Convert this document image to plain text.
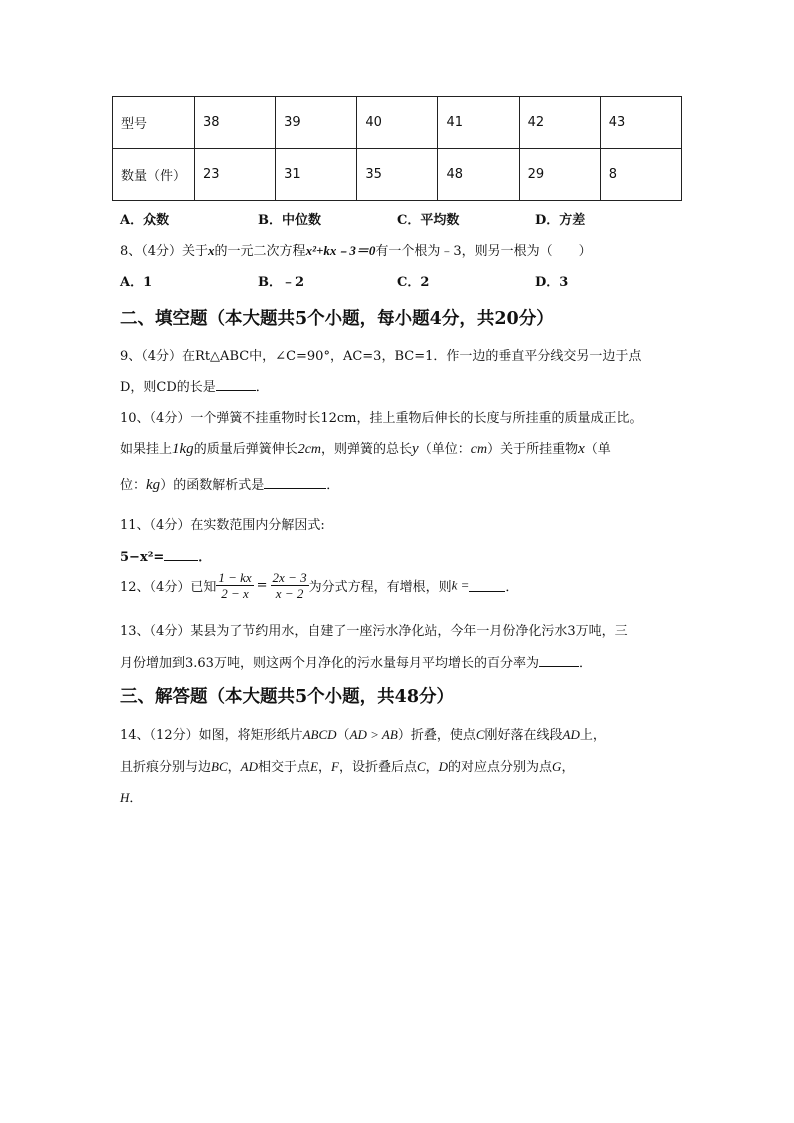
型号	38	39	40	41	42	43
数量（件）	23	31	35	48	29	8
A．众数	B．中位数	C．平均数	D．方差
8、（4分）关于x的一元二次方程x²+kx﹣3＝0有一个根为﹣3，则另一根为（　　）
A．1	B．﹣2	C．2	D．3
二、填空题（本大题共5个小题，每小题4分，共20分）
9、（4分）在Rt△ABC中，∠C=90°，AC=3，BC=1．作一边的垂直平分线交另一边于点
D，则CD的长是	．
10、（4分）一个弹簧不挂重物时长12cm，挂上重物后伸长的长度与所挂重的质量成正比。
如果挂上1kg的质量后弹簧伸长2cm，则弹簧的总长y（单位：cm）关于所挂重物x（单
位：kg）的函数解析式是	．
11、（4分）在实数范围内分解因式:
5−x²=	．
12、（4分）已知 $\frac{1 - kx}{2 - x} = \frac{2x - 3}{x - 2}$ 为分式方程，有增根，则k =	．
13、（4分）某县为了节约用水，自建了一座污水净化站，今年一月份净化污水3万吨，三
月份增加到3.63万吨，则这两个月净化的污水量每月平均增长的百分率为	．
三、解答题（本大题共5个小题，共48分）
14、（12分）如图，将矩形纸片ABCD（AD > AB）折叠，使点C刚好落在线段AD上，
且折痕分别与边BC，AD相交于点E，F，设折叠后点C，D的对应点分别为点G，
H．
